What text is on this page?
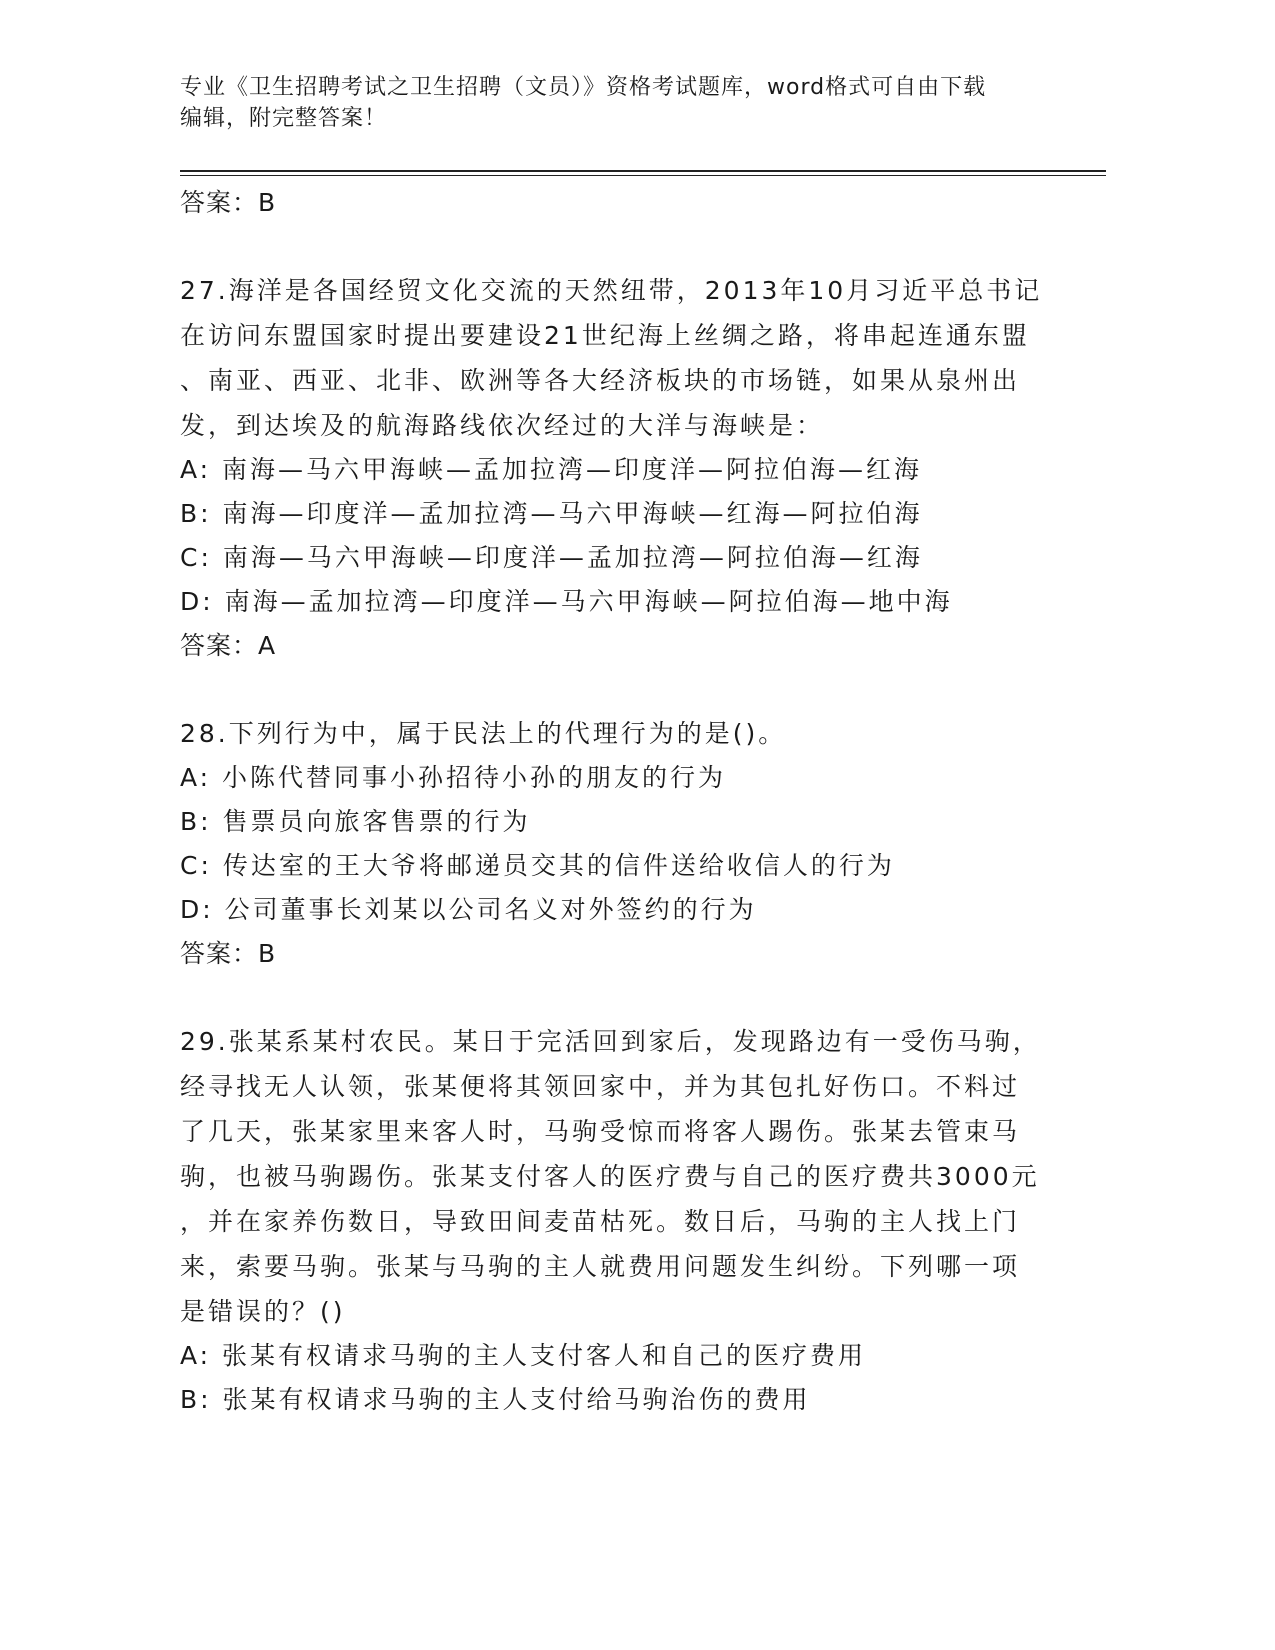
专业《卫生招聘考试之卫生招聘（文员）》资格考试题库，word格式可自由下载
编辑，附完整答案！
答案：B
27.海洋是各国经贸文化交流的天然纽带，2013年10月习近平总书记
在访问东盟国家时提出要建设21世纪海上丝绸之路，将串起连通东盟
、南亚、西亚、北非、欧洲等各大经济板块的市场链，如果从泉州出
发，到达埃及的航海路线依次经过的大洋与海峡是：
A: 南海—马六甲海峡—孟加拉湾—印度洋—阿拉伯海—红海
B: 南海—印度洋—孟加拉湾—马六甲海峡—红海—阿拉伯海
C: 南海—马六甲海峡—印度洋—孟加拉湾—阿拉伯海—红海
D: 南海—孟加拉湾—印度洋—马六甲海峡—阿拉伯海—地中海
答案：A
28.下列行为中，属于民法上的代理行为的是()。
A: 小陈代替同事小孙招待小孙的朋友的行为
B: 售票员向旅客售票的行为
C: 传达室的王大爷将邮递员交其的信件送给收信人的行为
D: 公司董事长刘某以公司名义对外签约的行为
答案：B
29.张某系某村农民。某日于完活回到家后，发现路边有一受伤马驹，
经寻找无人认领，张某便将其领回家中，并为其包扎好伤口。不料过
了几天，张某家里来客人时，马驹受惊而将客人踢伤。张某去管束马
驹，也被马驹踢伤。张某支付客人的医疗费与自己的医疗费共3000元
，并在家养伤数日，导致田间麦苗枯死。数日后，马驹的主人找上门
来，索要马驹。张某与马驹的主人就费用问题发生纠纷。下列哪一项
是错误的？()
A: 张某有权请求马驹的主人支付客人和自己的医疗费用
B: 张某有权请求马驹的主人支付给马驹治伤的费用
